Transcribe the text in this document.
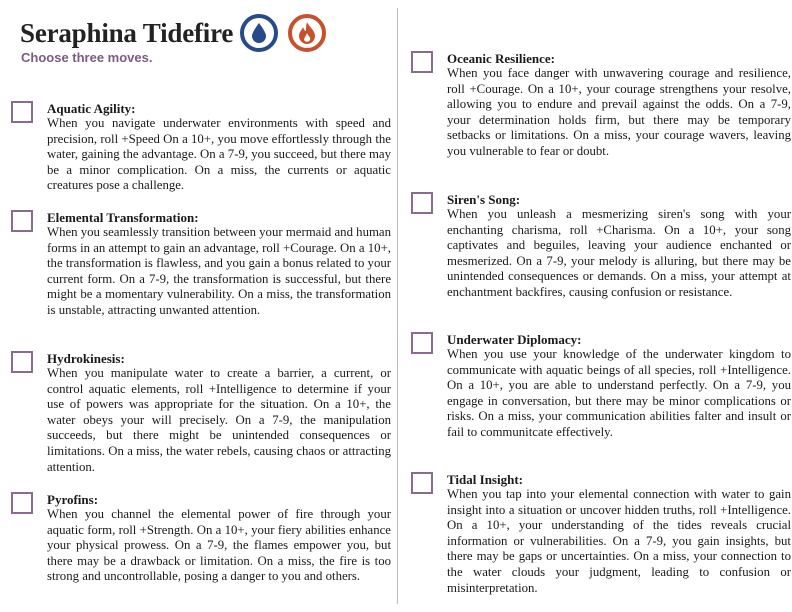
Seraphina Tidefire
Choose three moves.
Aquatic Agility:
When you navigate underwater environments with speed and precision, roll +Speed On a 10+, you move effortlessly through the water, gaining the advantage. On a 7-9, you succeed, but there may be a minor complication. On a miss, the currents or aquatic creatures pose a challenge.
Elemental Transformation:
When you seamlessly transition between your mermaid and human forms in an attempt to gain an advantage, roll +Courage. On a 10+, the transformation is flawless, and you gain a bonus related to your current form. On a 7-9, the transformation is successful, but there might be a momentary vulnerability. On a miss, the transformation is unstable, attracting unwanted attention.
Hydrokinesis:
When you manipulate water to create a barrier, a current, or control aquatic elements, roll +Intelligence to determine if your use of powers was appropriate for the situation. On a 10+, the water obeys your will precisely. On a 7-9, the manipulation succeeds, but there might be unintended consequences or limitations. On a miss, the water rebels, causing chaos or attracting attention.
Pyrofins:
When you channel the elemental power of fire through your aquatic form, roll +Strength. On a 10+, your fiery abilities enhance your physical prowess. On a 7-9, the flames empower you, but there may be a drawback or limitation. On a miss, the fire is too strong and uncontrollable, posing a danger to you and others.
Oceanic Resilience:
When you face danger with unwavering courage and resilience, roll +Courage. On a 10+, your courage strengthens your resolve, allowing you to endure and prevail against the odds. On a 7-9, your determination holds firm, but there may be temporary setbacks or limitations. On a miss, your courage wavers, leaving you vulnerable to fear or doubt.
Siren's Song:
When you unleash a mesmerizing siren's song with your enchanting charisma, roll +Charisma. On a 10+, your song captivates and beguiles, leaving your audience enchanted or mesmerized. On a 7-9, your melody is alluring, but there may be unintended consequences or demands. On a miss, your attempt at enchantment backfires, causing confusion or resistance.
Underwater Diplomacy:
When you use your knowledge of the underwater kingdom to communicate with aquatic beings of all species, roll +Intelligence. On a 10+, you are able to understand perfectly. On a 7-9, you engage in conversation, but there may be minor complications or risks. On a miss, your communication abilities falter and insult or fail to communitcate effectively.
Tidal Insight:
When you tap into your elemental connection with water to gain insight into a situation or uncover hidden truths, roll +Intelligence. On a 10+, your understanding of the tides reveals crucial information or vulnerabilities. On a 7-9, you gain insights, but there may be gaps or uncertainties. On a miss, your connection to the water clouds your judgment, leading to confusion or misinterpretation.
